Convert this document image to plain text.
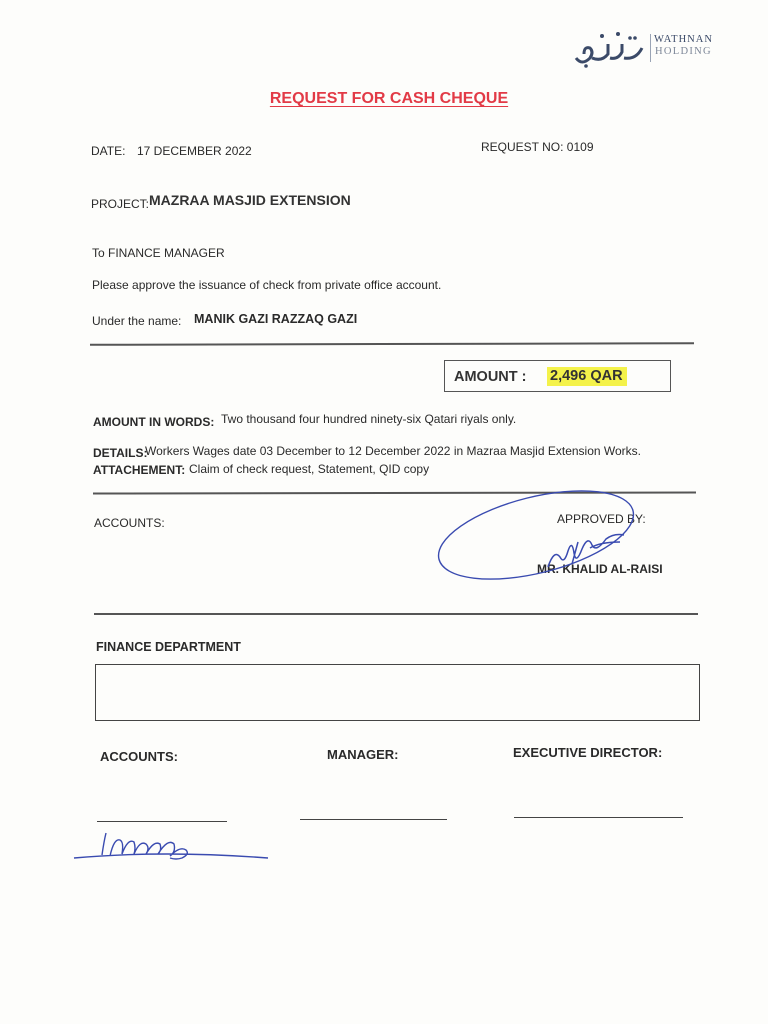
WATHNAN
HOLDING
REQUEST FOR CASH CHEQUE
DATE: 17 DECEMBER 2022	REQUEST NO: 0109
PROJECT: MAZRAA MASJID EXTENSION
To FINANCE MANAGER
Please approve the issuance of check from private office account.
Under the name: MANIK GAZI RAZZAQ GAZI
AMOUNT : 2,496 QAR
AMOUNT IN WORDS: Two thousand four hundred ninety-six Qatari riyals only.
DETAILS:
Workers Wages date 03 December to 12 December 2022 in Mazraa Masjid Extension Works.
ATTACHEMENT: Claim of check request, Statement, QID copy
ACCOUNTS:	APPROVED BY:
MR. KHALID AL-RAISI
FINANCE DEPARTMENT
ACCOUNTS:	MANAGER:	EXECUTIVE DIRECTOR:
